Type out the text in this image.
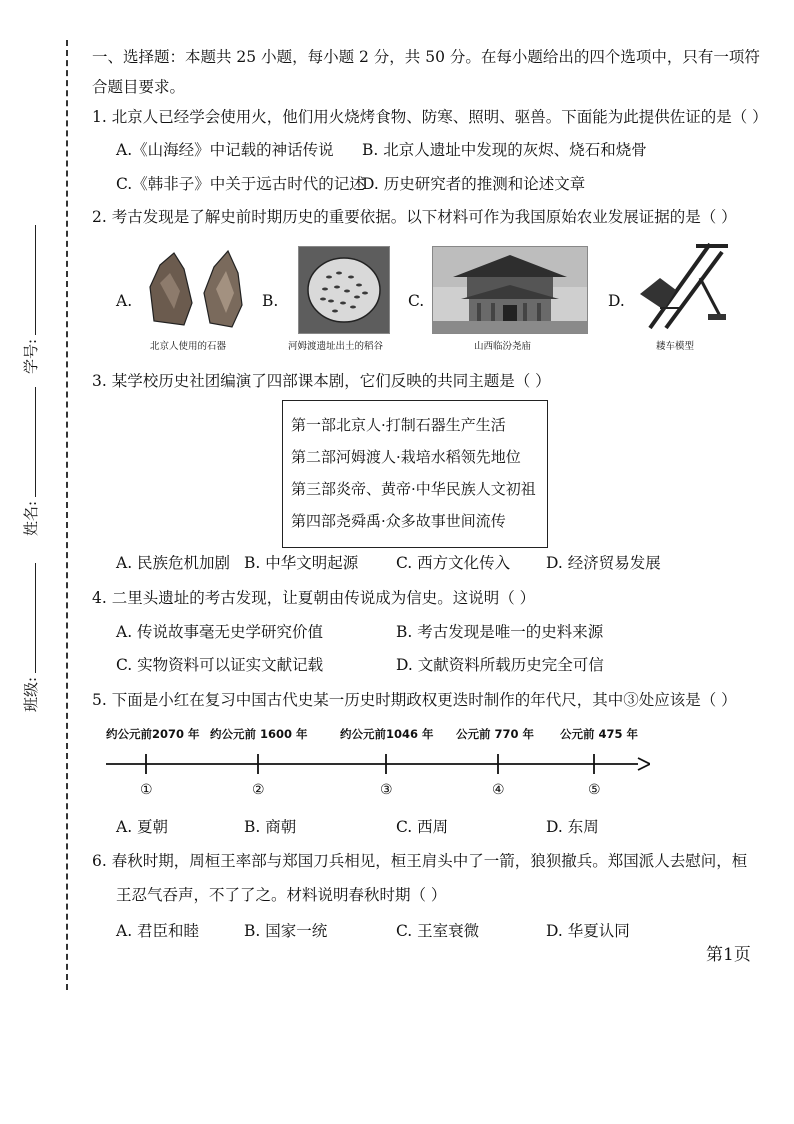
班级:
姓名:
学号:
一、选择题：本题共 25 小题，每小题 2 分，共 50 分。在每小题给出的四个选项中，只有一项符
合题目要求。
1. 北京人已经学会使用火，他们用火烧烤食物、防寒、照明、驱兽。下面能为此提供佐证的是（ ）
A.《山海经》中记载的神话传说 B. 北京人遗址中发现的灰烬、烧石和烧骨
C.《韩非子》中关于远古时代的记述
D. 历史研究者的推测和论述文章
2. 考古发现是了解史前时期历史的重要依据。以下材料可作为我国原始农业发展证据的是（ ）
A.
北京人使用的石器
B.
河姆渡遗址出土的稻谷
C.
山西临汾尧庙
D.
耧车模型
3. 某学校历史社团编演了四部课本剧，它们反映的共同主题是（ ）
第一部北京人·打制石器生产生活
第二部河姆渡人·栽培水稻领先地位
第三部炎帝、黄帝·中华民族人文初祖
第四部尧舜禹·众多故事世间流传
A. 民族危机加剧 B. 中华文明起源 C. 西方文化传入 D. 经济贸易发展
4. 二里头遗址的考古发现，让夏朝由传说成为信史。这说明（ ）
A. 传说故事毫无史学研究价值	B. 考古发现是唯一的史料来源
C. 实物资料可以证实文献记载	D. 文献资料所载历史完全可信
5. 下面是小红在复习中国古代史某一历史时期政权更迭时制作的年代尺，其中③处应该是（ ）
约公元前2070 年 约公元前 1600 年	约公元前1046 年 公元前 770 年 公元前 475 年
①	②	③	④	⑤
A. 夏朝	B. 商朝	C. 西周	D. 东周
6. 春秋时期，周桓王率部与郑国刀兵相见，桓王肩头中了一箭，狼狈撤兵。郑国派人去慰问，桓
王忍气吞声，不了了之。材料说明春秋时期（ ）
A. 君臣和睦	B. 国家一统	C. 王室衰微	D. 华夏认同
第1页
